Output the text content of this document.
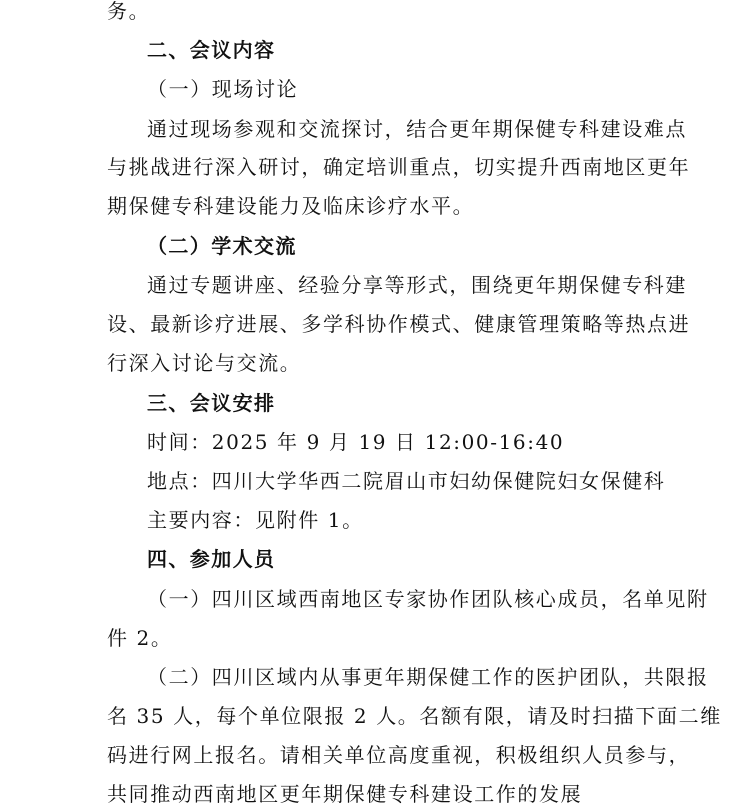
务。
二、会议内容
（一）现场讨论
通过现场参观和交流探讨，结合更年期保健专科建设难点
与挑战进行深入研讨，确定培训重点，切实提升西南地区更年
期保健专科建设能力及临床诊疗水平。
（二）学术交流
通过专题讲座、经验分享等形式，围绕更年期保健专科建
设、最新诊疗进展、多学科协作模式、健康管理策略等热点进
行深入讨论与交流。
三、会议安排
时间：2025 年 9 月 19 日 12:00-16:40
地点：四川大学华西二院眉山市妇幼保健院妇女保健科
主要内容：见附件 1。
四、参加人员
（一）四川区域西南地区专家协作团队核心成员，名单见附
件 2。
（二）四川区域内从事更年期保健工作的医护团队，共限报
名 35 人，每个单位限报 2 人。名额有限，请及时扫描下面二维
码进行网上报名。请相关单位高度重视，积极组织人员参与，
共同推动西南地区更年期保健专科建设工作的发展
